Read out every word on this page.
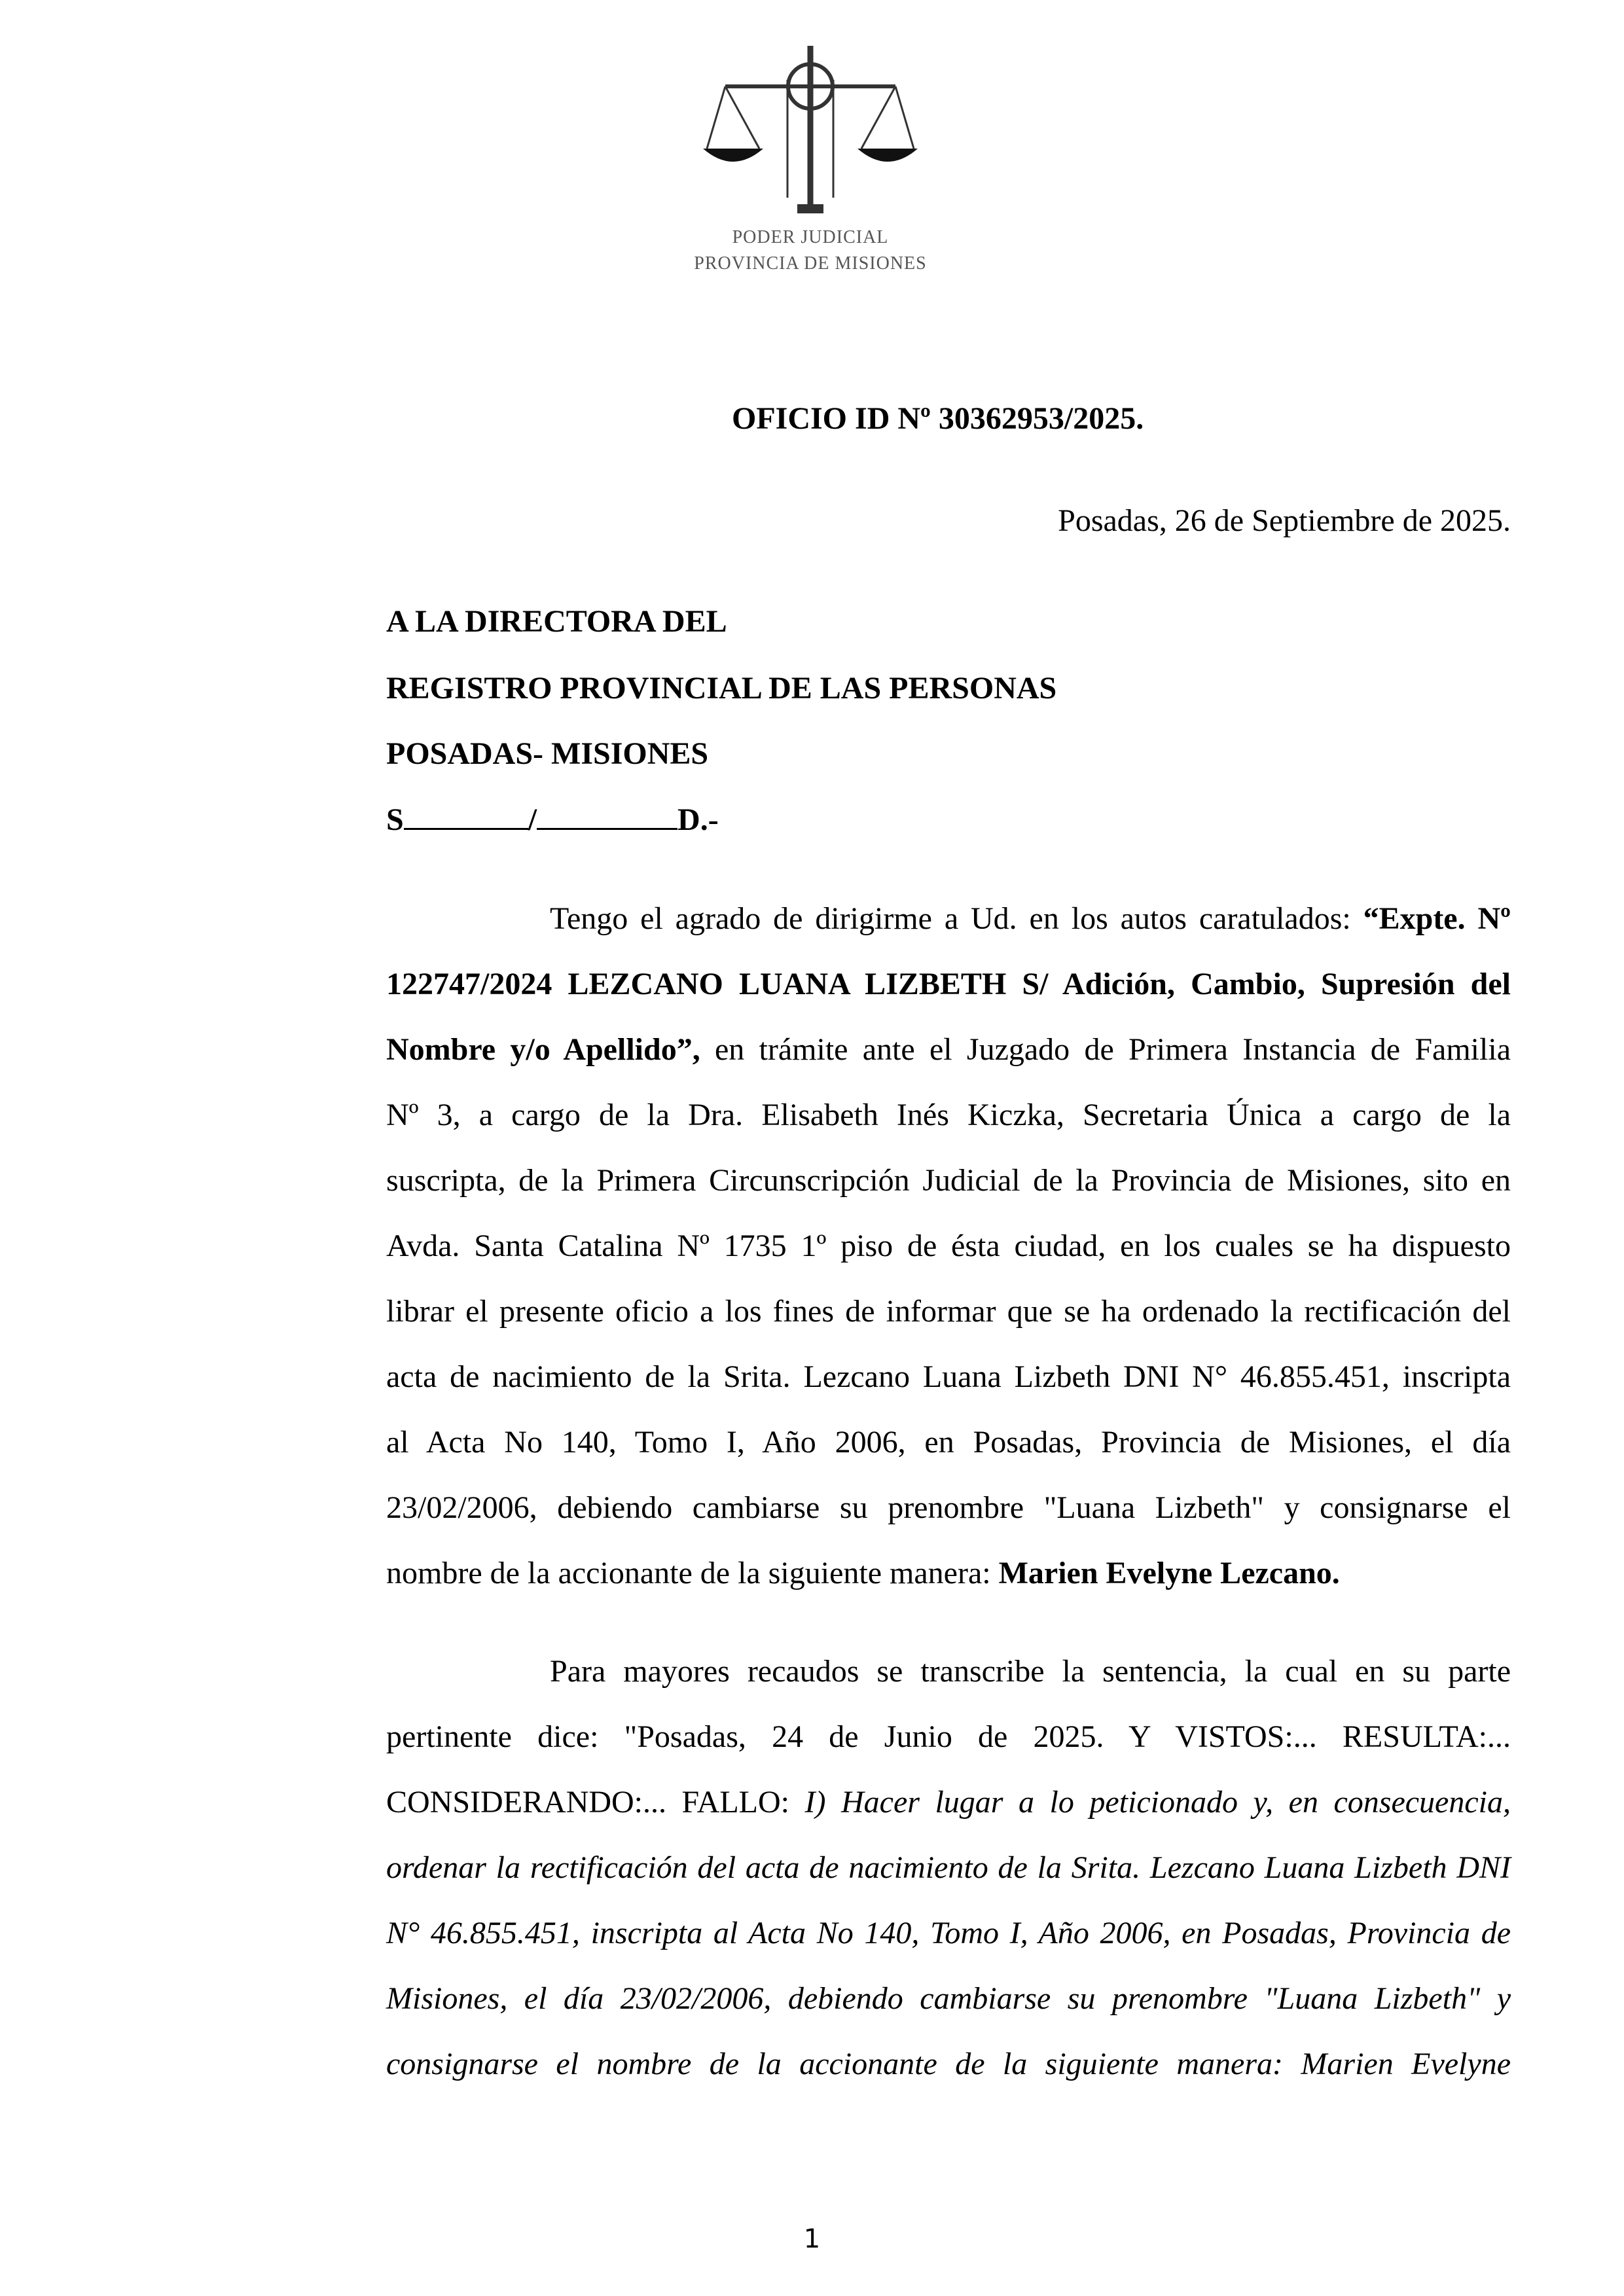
PODER JUDICIAL
PROVINCIA DE MISIONES
OFICIO ID Nº 30362953/2025.
Posadas, 26 de Septiembre de 2025.
A LA DIRECTORA DEL
REGISTRO PROVINCIAL DE LAS PERSONAS
POSADAS- MISIONES
S	/	D.-
Tengo el agrado de dirigirme a Ud. en los autos caratulados: “Expte. Nº
122747/2024 LEZCANO LUANA LIZBETH S/ Adición, Cambio, Supresión del
Nombre y/o Apellido”, en trámite ante el Juzgado de Primera Instancia de Familia
Nº 3, a cargo de la Dra. Elisabeth Inés Kiczka, Secretaria Única a cargo de la
suscripta, de la Primera Circunscripción Judicial de la Provincia de Misiones, sito en
Avda. Santa Catalina Nº 1735 1º piso de ésta ciudad, en los cuales se ha dispuesto
librar el presente oficio a los fines de informar que se ha ordenado la rectificación del
acta de nacimiento de la Srita. Lezcano Luana Lizbeth DNI N° 46.855.451, inscripta
al Acta No 140, Tomo I, Año 2006, en Posadas, Provincia de Misiones, el día
23/02/2006, debiendo cambiarse su prenombre "Luana Lizbeth" y consignarse el
nombre de la accionante de la siguiente manera: Marien Evelyne Lezcano.
Para mayores recaudos se transcribe la sentencia, la cual en su parte
pertinente dice: "Posadas, 24 de Junio de 2025. Y VISTOS:... RESULTA:...
CONSIDERANDO:... FALLO: I) Hacer lugar a lo peticionado y, en consecuencia,
ordenar la rectificación del acta de nacimiento de la Srita. Lezcano Luana Lizbeth DNI
N° 46.855.451, inscripta al Acta No 140, Tomo I, Año 2006, en Posadas, Provincia de
Misiones, el día 23/02/2006, debiendo cambiarse su prenombre "Luana Lizbeth" y
consignarse el nombre de la accionante de la siguiente manera: Marien Evelyne
1
